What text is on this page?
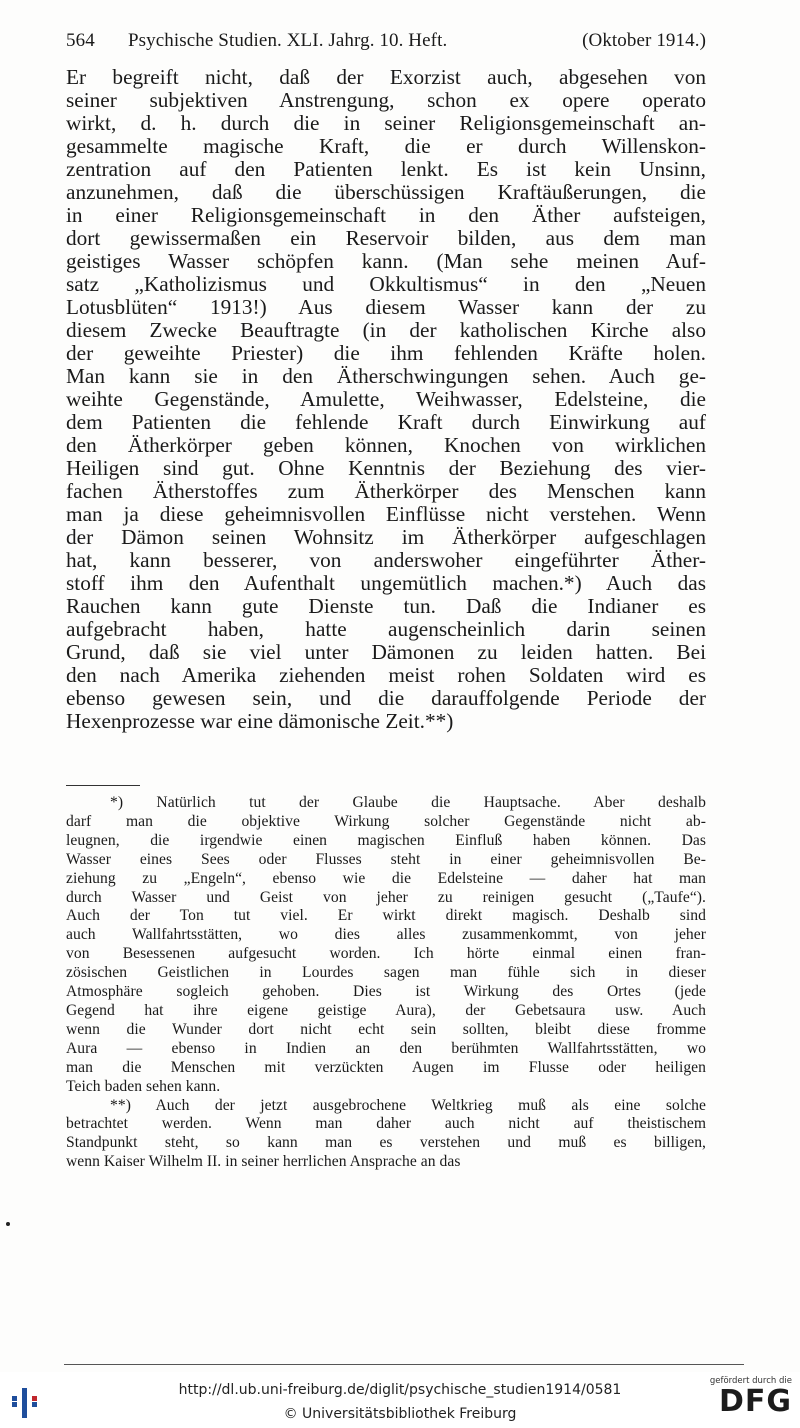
564 Psychische Studien. XLI. Jahrg. 10. Heft.	(Oktober 1914.)
Er begreift nicht, daß der Exorzist auch, abgesehen von
seiner subjektiven Anstrengung, schon ex opere operato
wirkt, d. h. durch die in seiner Religionsgemeinschaft an-
gesammelte magische Kraft, die er durch Willenskon-
zentration auf den Patienten lenkt. Es ist kein Unsinn,
anzunehmen, daß die überschüssigen Kraftäußerungen, die
in einer Religionsgemeinschaft in den Äther aufsteigen,
dort gewissermaßen ein Reservoir bilden, aus dem man
geistiges Wasser schöpfen kann. (Man sehe meinen Auf-
satz „Katholizismus und Okkultismus“ in den „Neuen
Lotusblüten“ 1913!) Aus diesem Wasser kann der zu
diesem Zwecke Beauftragte (in der katholischen Kirche also
der geweihte Priester) die ihm fehlenden Kräfte holen.
Man kann sie in den Ätherschwingungen sehen. Auch ge-
weihte Gegenstände, Amulette, Weihwasser, Edelsteine, die
dem Patienten die fehlende Kraft durch Einwirkung auf
den Ätherkörper geben können, Knochen von wirklichen
Heiligen sind gut. Ohne Kenntnis der Beziehung des vier-
fachen Ätherstoffes zum Ätherkörper des Menschen kann
man ja diese geheimnisvollen Einflüsse nicht verstehen. Wenn
der Dämon seinen Wohnsitz im Ätherkörper aufgeschlagen
hat, kann besserer, von anderswoher eingeführter Äther-
stoff ihm den Aufenthalt ungemütlich machen.*) Auch das
Rauchen kann gute Dienste tun. Daß die Indianer es
aufgebracht haben, hatte augenscheinlich darin seinen
Grund, daß sie viel unter Dämonen zu leiden hatten. Bei
den nach Amerika ziehenden meist rohen Soldaten wird es
ebenso gewesen sein, und die darauffolgende Periode der
Hexenprozesse war eine dämonische Zeit.**)
*) Natürlich tut der Glaube die Hauptsache. Aber deshalb
darf man die objektive Wirkung solcher Gegenstände nicht ab-
leugnen, die irgendwie einen magischen Einfluß haben können. Das
Wasser eines Sees oder Flusses steht in einer geheimnisvollen Be-
ziehung zu „Engeln“, ebenso wie die Edelsteine — daher hat man
durch Wasser und Geist von jeher zu reinigen gesucht („Taufe“).
Auch der Ton tut viel. Er wirkt direkt magisch. Deshalb sind
auch Wallfahrtsstätten, wo dies alles zusammenkommt, von jeher
von Besessenen aufgesucht worden. Ich hörte einmal einen fran-
zösischen Geistlichen in Lourdes sagen man fühle sich in dieser
Atmosphäre sogleich gehoben. Dies ist Wirkung des Ortes (jede
Gegend hat ihre eigene geistige Aura), der Gebetsaura usw. Auch
wenn die Wunder dort nicht echt sein sollten, bleibt diese fromme
Aura — ebenso in Indien an den berühmten Wallfahrtsstätten, wo
man die Menschen mit verzückten Augen im Flusse oder heiligen
Teich baden sehen kann.
**) Auch der jetzt ausgebrochene Weltkrieg muß als eine solche
betrachtet werden. Wenn man daher auch nicht auf theistischem
Standpunkt steht, so kann man es verstehen und muß es billigen,
wenn Kaiser Wilhelm II. in seiner herrlichen Ansprache an das
http://dl.ub.uni-freiburg.de/diglit/psychische_studien1914/0581
© Universitätsbibliothek Freiburg
gefördert durch die
DFG
